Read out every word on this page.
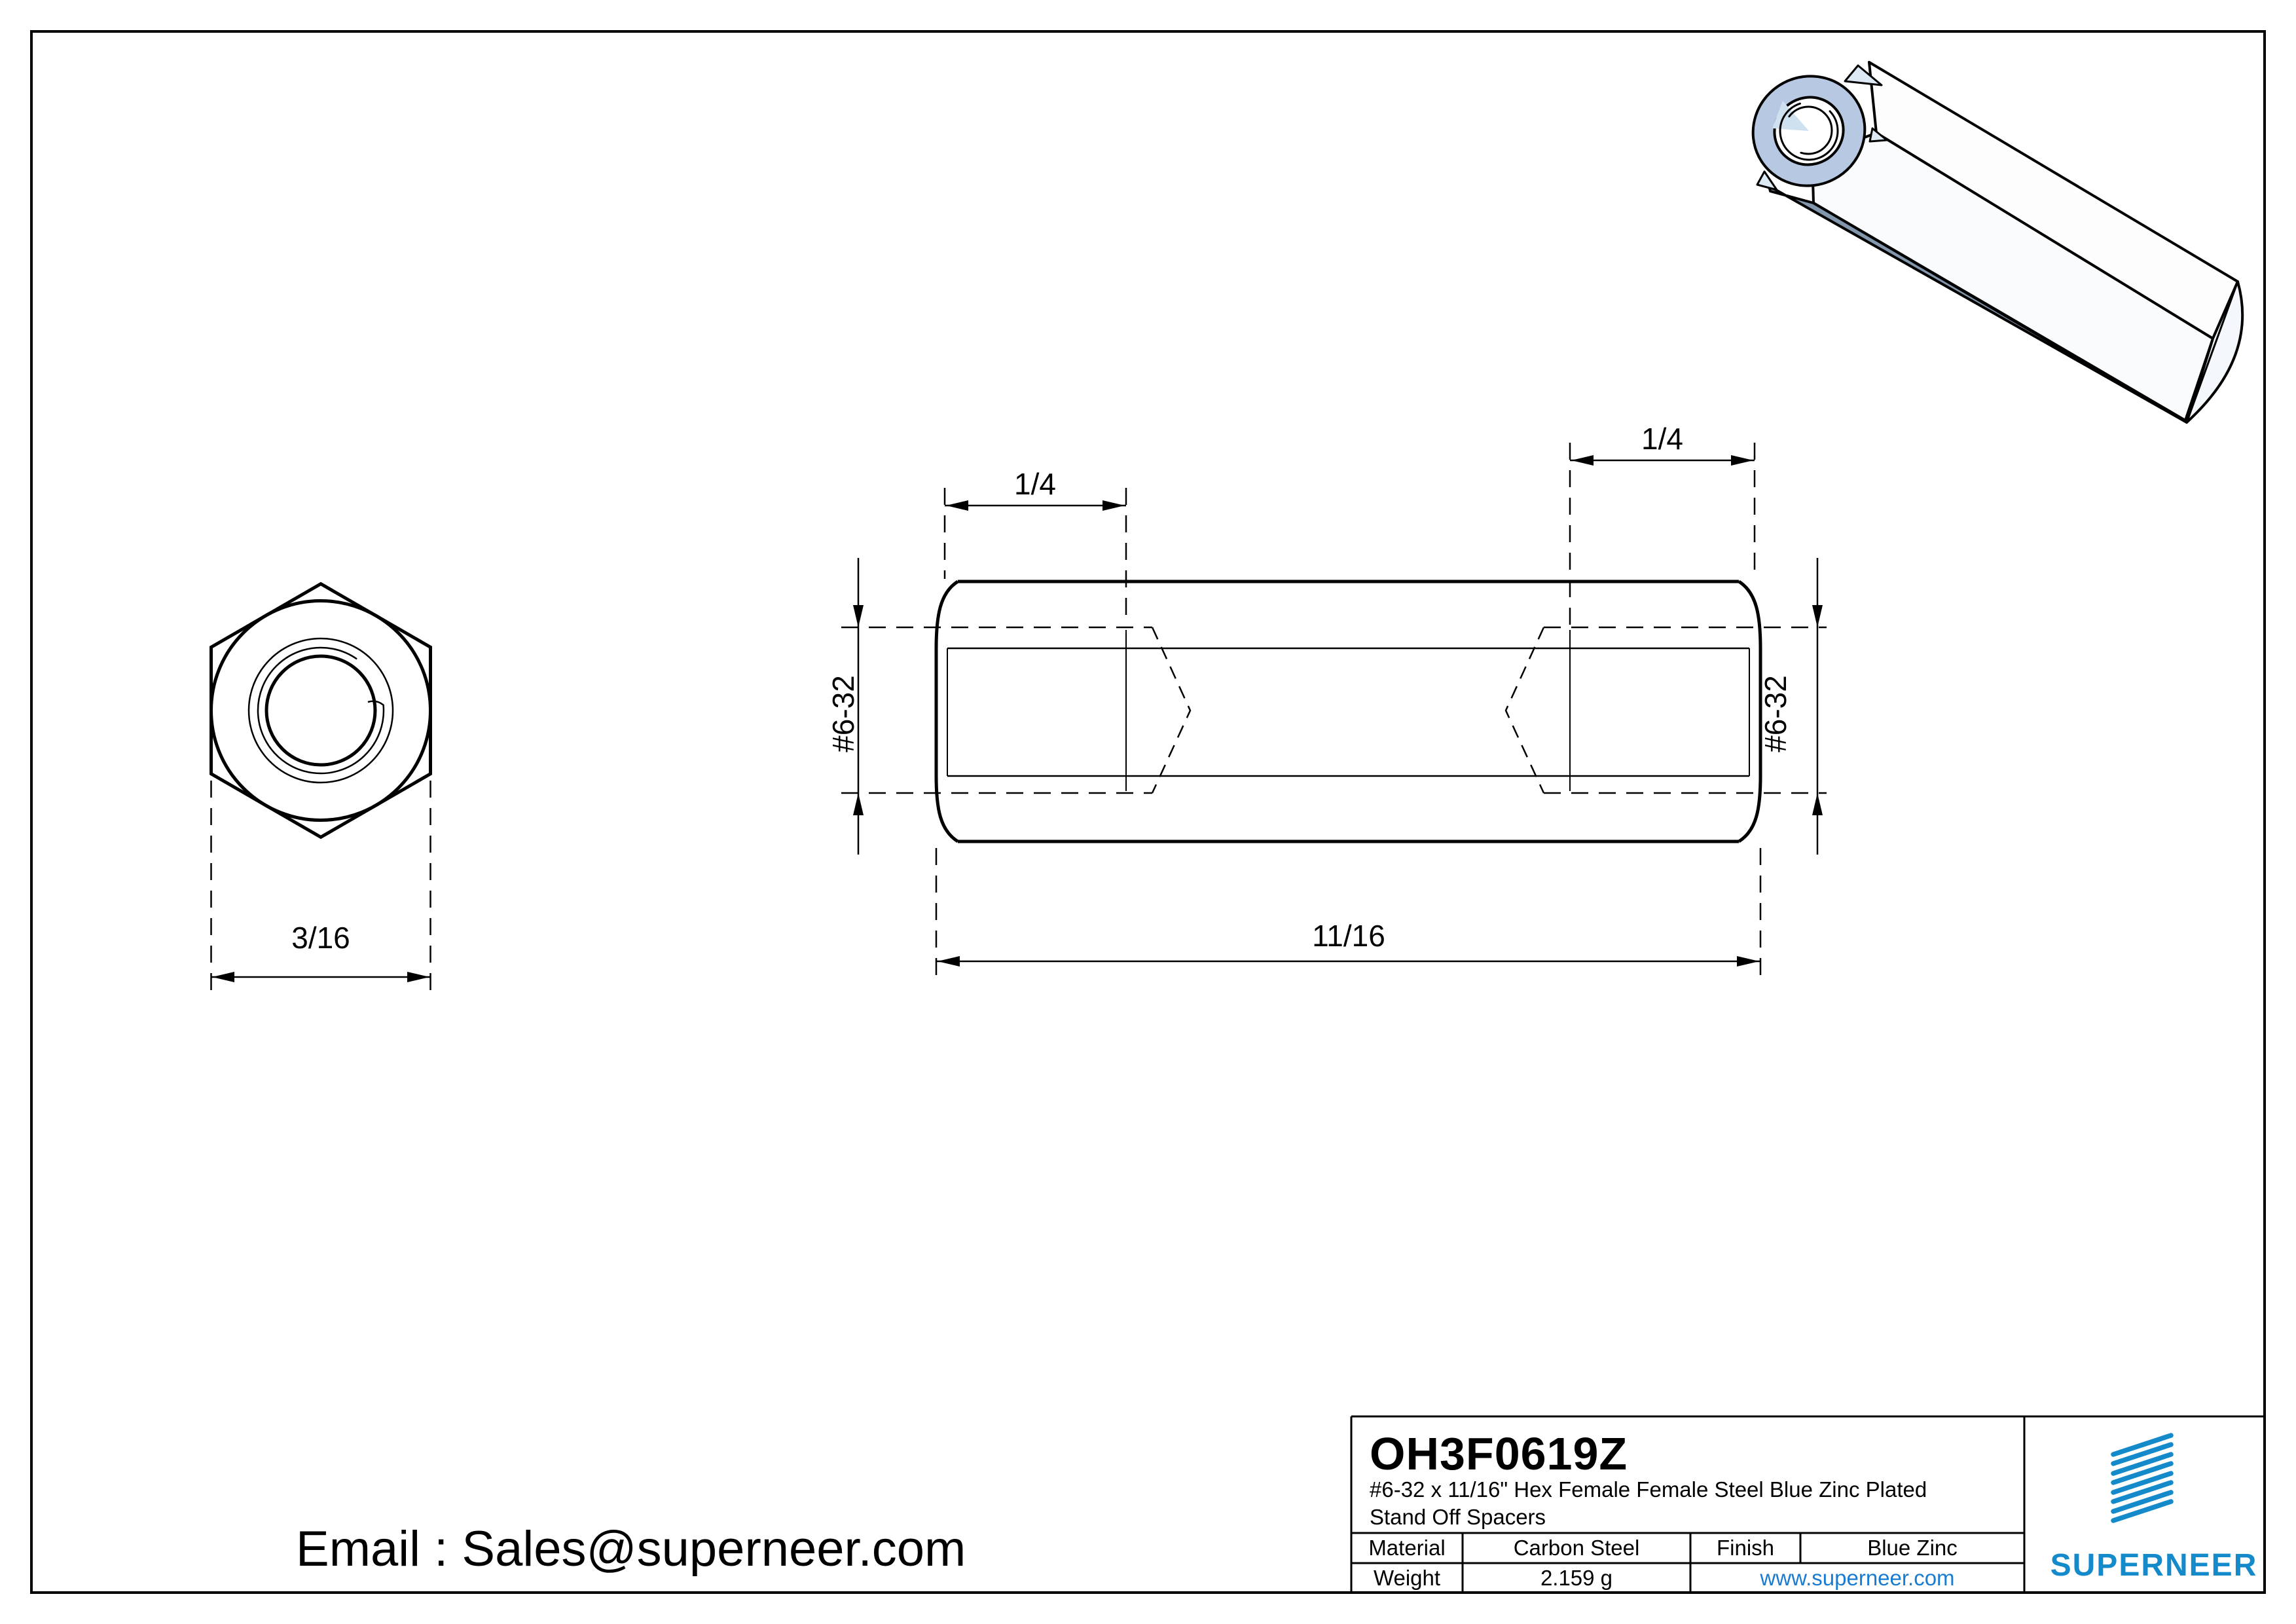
3/16
1/4
1/4
#6-32	#6-32
11/16
Email : Sales@superneer.com
OH3F0619Z
#6-32 x 11/16" Hex Female Female Steel Blue Zinc Plated
Stand Off Spacers
Material	Carbon Steel	Finish	Blue Zinc
Weight	2.159 g	www.superneer.com	SUPERNEER
